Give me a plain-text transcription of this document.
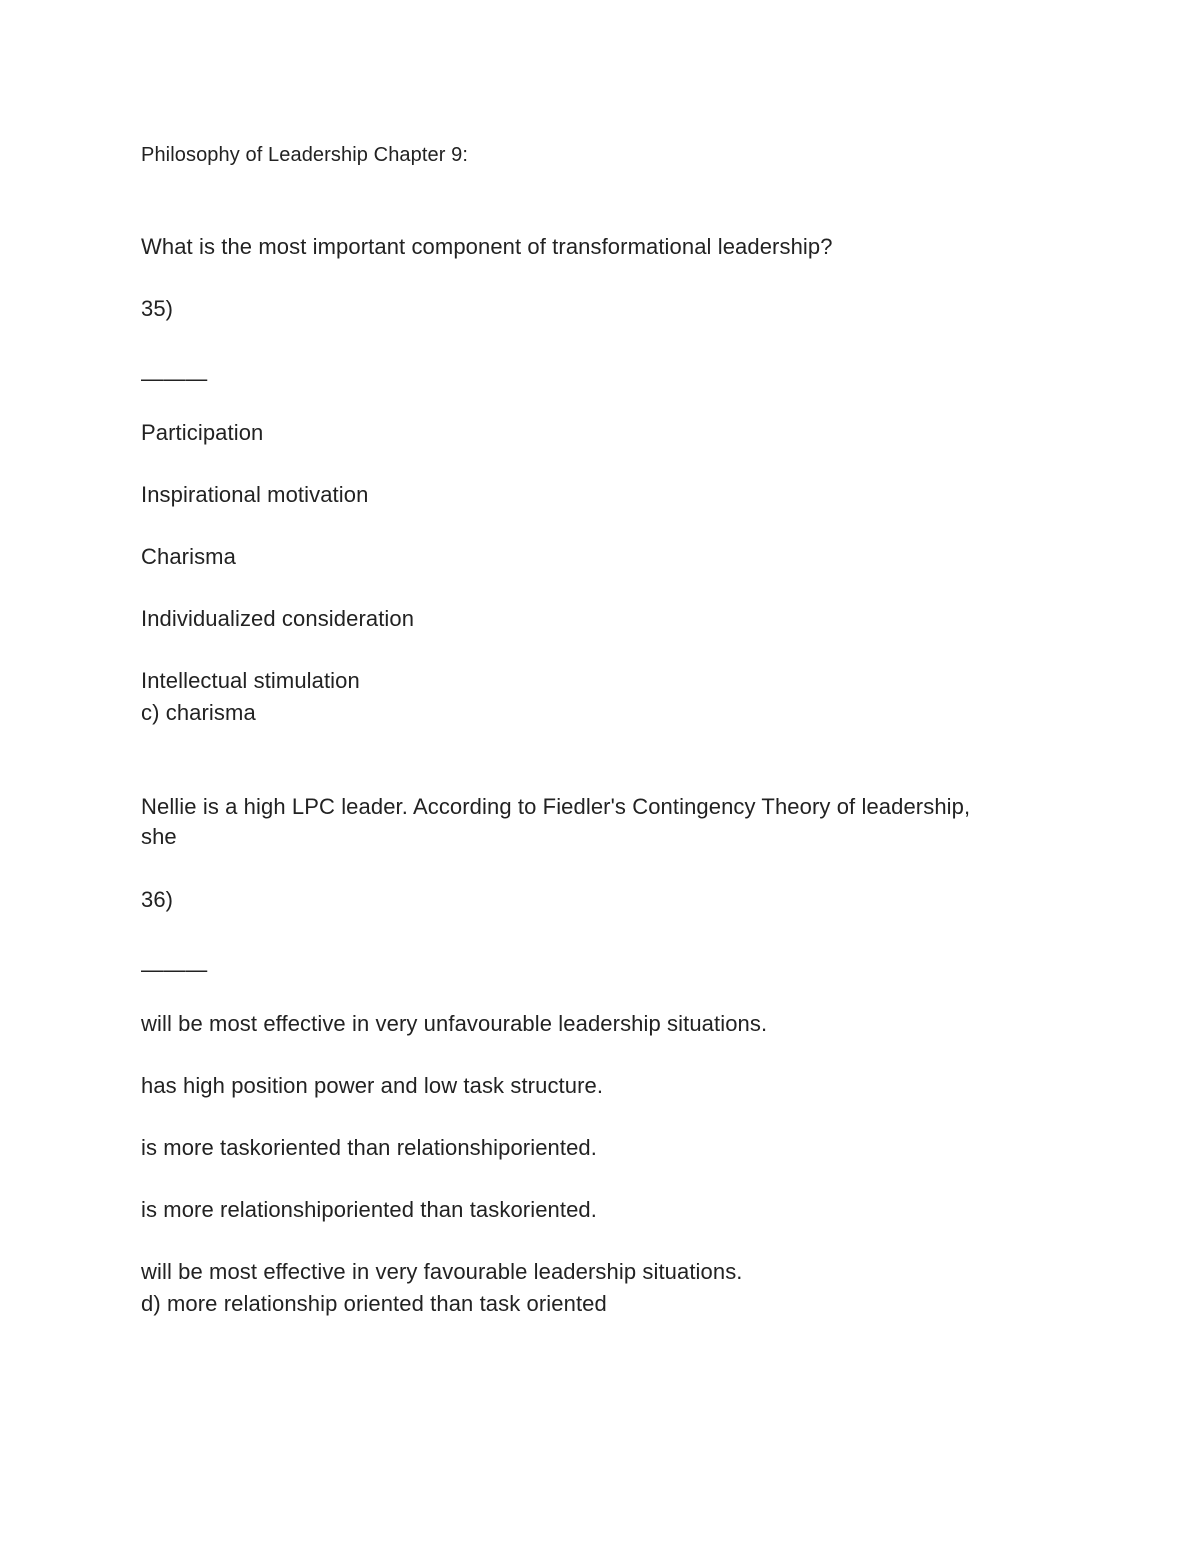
Philosophy of Leadership Chapter 9:
What is the most important component of transformational leadership?
35)
———
Participation
Inspirational motivation
Charisma
Individualized consideration
Intellectual stimulation
c) charisma
Nellie is a high LPC leader. According to Fiedler's Contingency Theory of leadership,
she
36)
———
will be most effective in very unfavourable leadership situations.
has high position power and low task structure.
is more taskoriented than relationshiporiented.
is more relationshiporiented than taskoriented.
will be most effective in very favourable leadership situations.
d) more relationship oriented than task oriented
